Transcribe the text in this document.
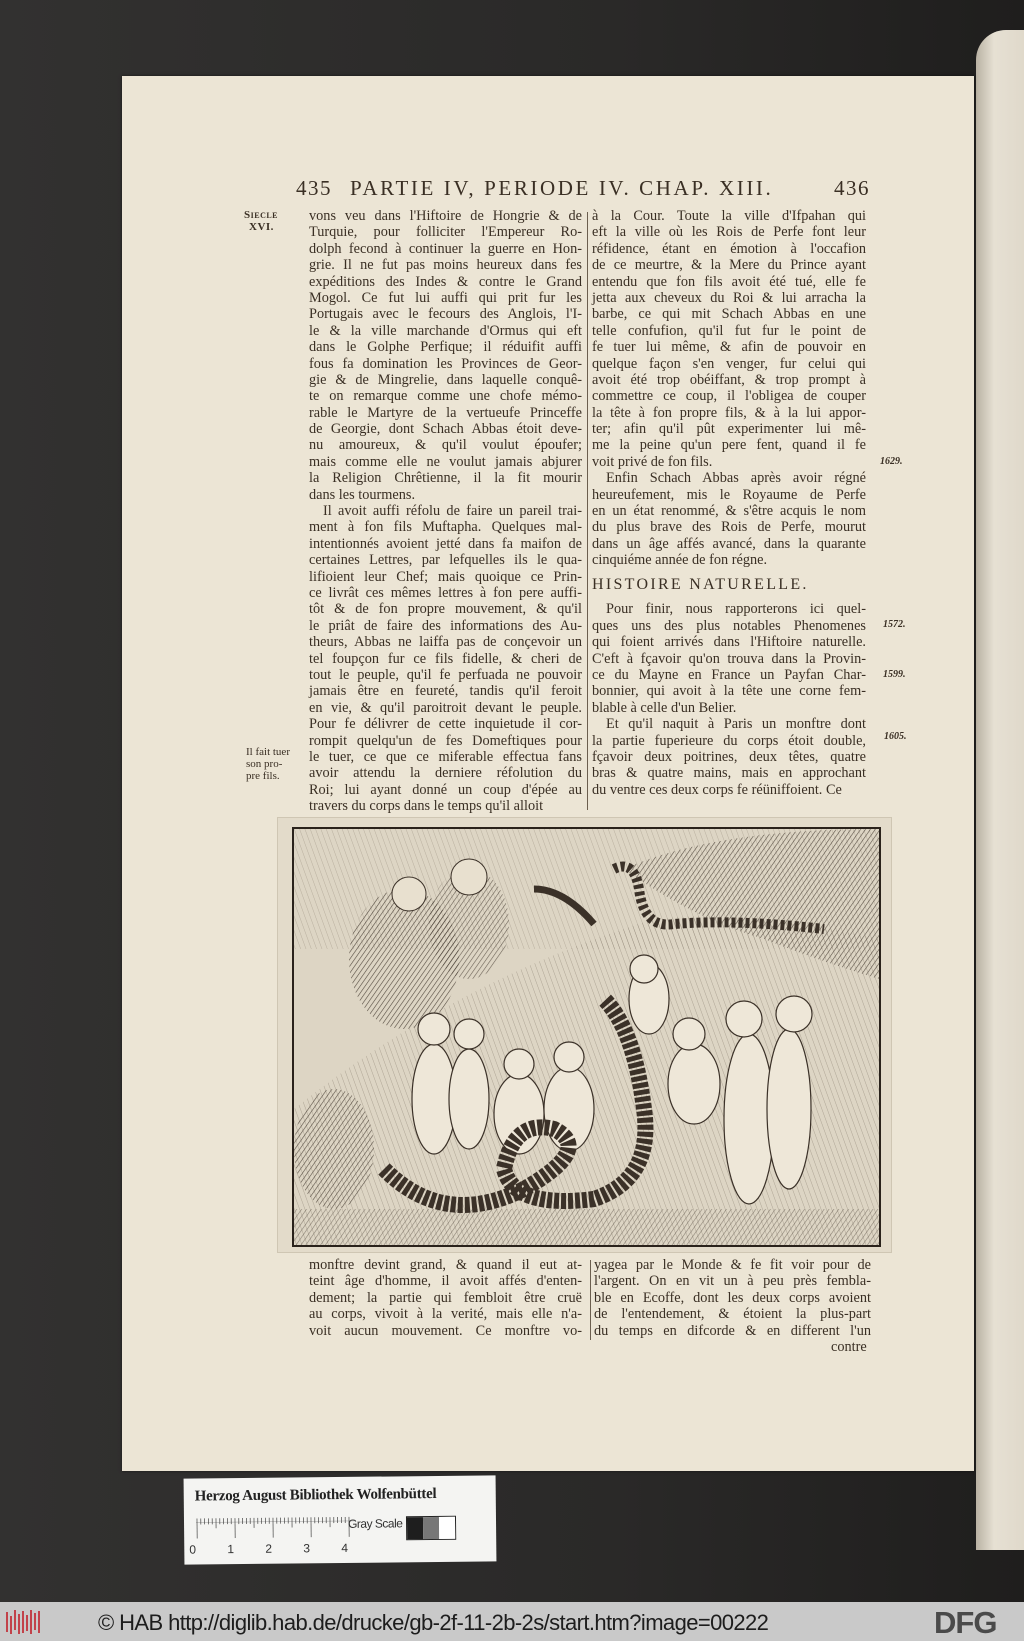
435 PARTIE IV, PERIODE IV. CHAP. XIII.	436
Siecle
XVI.
Il fait tuer
son pro-
pre fils.
1629.
1572.
1599.
1605.
vons veu dans l'Hiftoire de Hongrie & de
Turquie, pour folliciter l'Empereur Ro-
dolph fecond à continuer la guerre en Hon-
grie. Il ne fut pas moins heureux dans fes
expéditions des Indes & contre le Grand
Mogol. Ce fut lui auffi qui prit fur les
Portugais avec le fecours des Anglois, l'I-
le & la ville marchande d'Ormus qui eft
dans le Golphe Perfique; il réduifit auffi
fous fa domination les Provinces de Geor-
gie & de Mingrelie, dans laquelle conquê-
te on remarque comme une chofe mémo-
rable le Martyre de la vertueufe Princeffe
de Georgie, dont Schach Abbas étoit deve-
nu amoureux, & qu'il voulut époufer;
mais comme elle ne voulut jamais abjurer
la Religion Chrêtienne, il la fit mourir
dans les tourmens.
Il avoit auffi réfolu de faire un pareil trai-
ment à fon fils Muftapha. Quelques mal-
intentionnés avoient jetté dans fa maifon de
certaines Lettres, par lefquelles ils le qua-
lifioient leur Chef; mais quoique ce Prin-
ce livrât ces mêmes lettres à fon pere auffi-
tôt & de fon propre mouvement, & qu'il
le priât de faire des informations des Au-
theurs, Abbas ne laiffa pas de conçevoir un
tel foupçon fur ce fils fidelle, & cheri de
tout le peuple, qu'il fe perfuada ne pouvoir
jamais être en feureté, tandis qu'il feroit
en vie, & qu'il paroitroit devant le peuple.
Pour fe délivrer de cette inquietude il cor-
rompit quelqu'un de fes Domeftiques pour
le tuer, ce que ce miferable effectua fans
avoir attendu la derniere réfolution du
Roi; lui ayant donné un coup d'épée au
travers du corps dans le temps qu'il alloit
à la Cour. Toute la ville d'Ifpahan qui
eft la ville où les Rois de Perfe font leur
réfidence, étant en émotion à l'occafion
de ce meurtre, & la Mere du Prince ayant
entendu que fon fils avoit été tué, elle fe
jetta aux cheveux du Roi & lui arracha la
barbe, ce qui mit Schach Abbas en une
telle confufion, qu'il fut fur le point de
fe tuer lui même, & afin de pouvoir en
quelque façon s'en venger, fur celui qui
avoit été trop obéiffant, & trop prompt à
commettre ce coup, il l'obligea de couper
la tête à fon propre fils, & à la lui appor-
ter; afin qu'il pût experimenter lui mê-
me la peine qu'un pere fent, quand il fe
voit privé de fon fils.
Enfin Schach Abbas après avoir régné
heureufement, mis le Royaume de Perfe
en un état renommé, & s'être acquis le nom
du plus brave des Rois de Perfe, mourut
dans un âge affés avancé, dans la quarante
cinquiéme année de fon régne.
HISTOIRE NATURELLE.
Pour finir, nous rapporterons ici quel-
ques uns des plus notables Phenomenes
qui foient arrivés dans l'Hiftoire naturelle.
C'eft à fçavoir qu'on trouva dans la Provin-
ce du Mayne en France un Payfan Char-
bonnier, qui avoit à la tête une corne fem-
blable à celle d'un Belier.
Et qu'il naquit à Paris un monftre dont
la partie fuperieure du corps étoit double,
fçavoir deux poitrines, deux têtes, quatre
bras & quatre mains, mais en approchant
du ventre ces deux corps fe réüniffoient. Ce
monftre devint grand, & quand il eut at-
teint âge d'homme, il avoit affés d'enten-
dement; la partie qui fembloit être cruë
au corps, vivoit à la verité, mais elle n'a-
voit aucun mouvement. Ce monftre vo-
yagea par le Monde & fe fit voir pour de
l'argent. On en vit un à peu près fembla-
ble en Ecoffe, dont les deux corps avoient
de l'entendement, & étoient la plus-part
du temps en difcorde & en different l'un
contre
Herzog August Bibliothek Wolfenbüttel
0	1	2	3	4
Gray Scale
© HAB http://diglib.hab.de/drucke/gb-2f-11-2b-2s/start.htm?image=00222	DFG
